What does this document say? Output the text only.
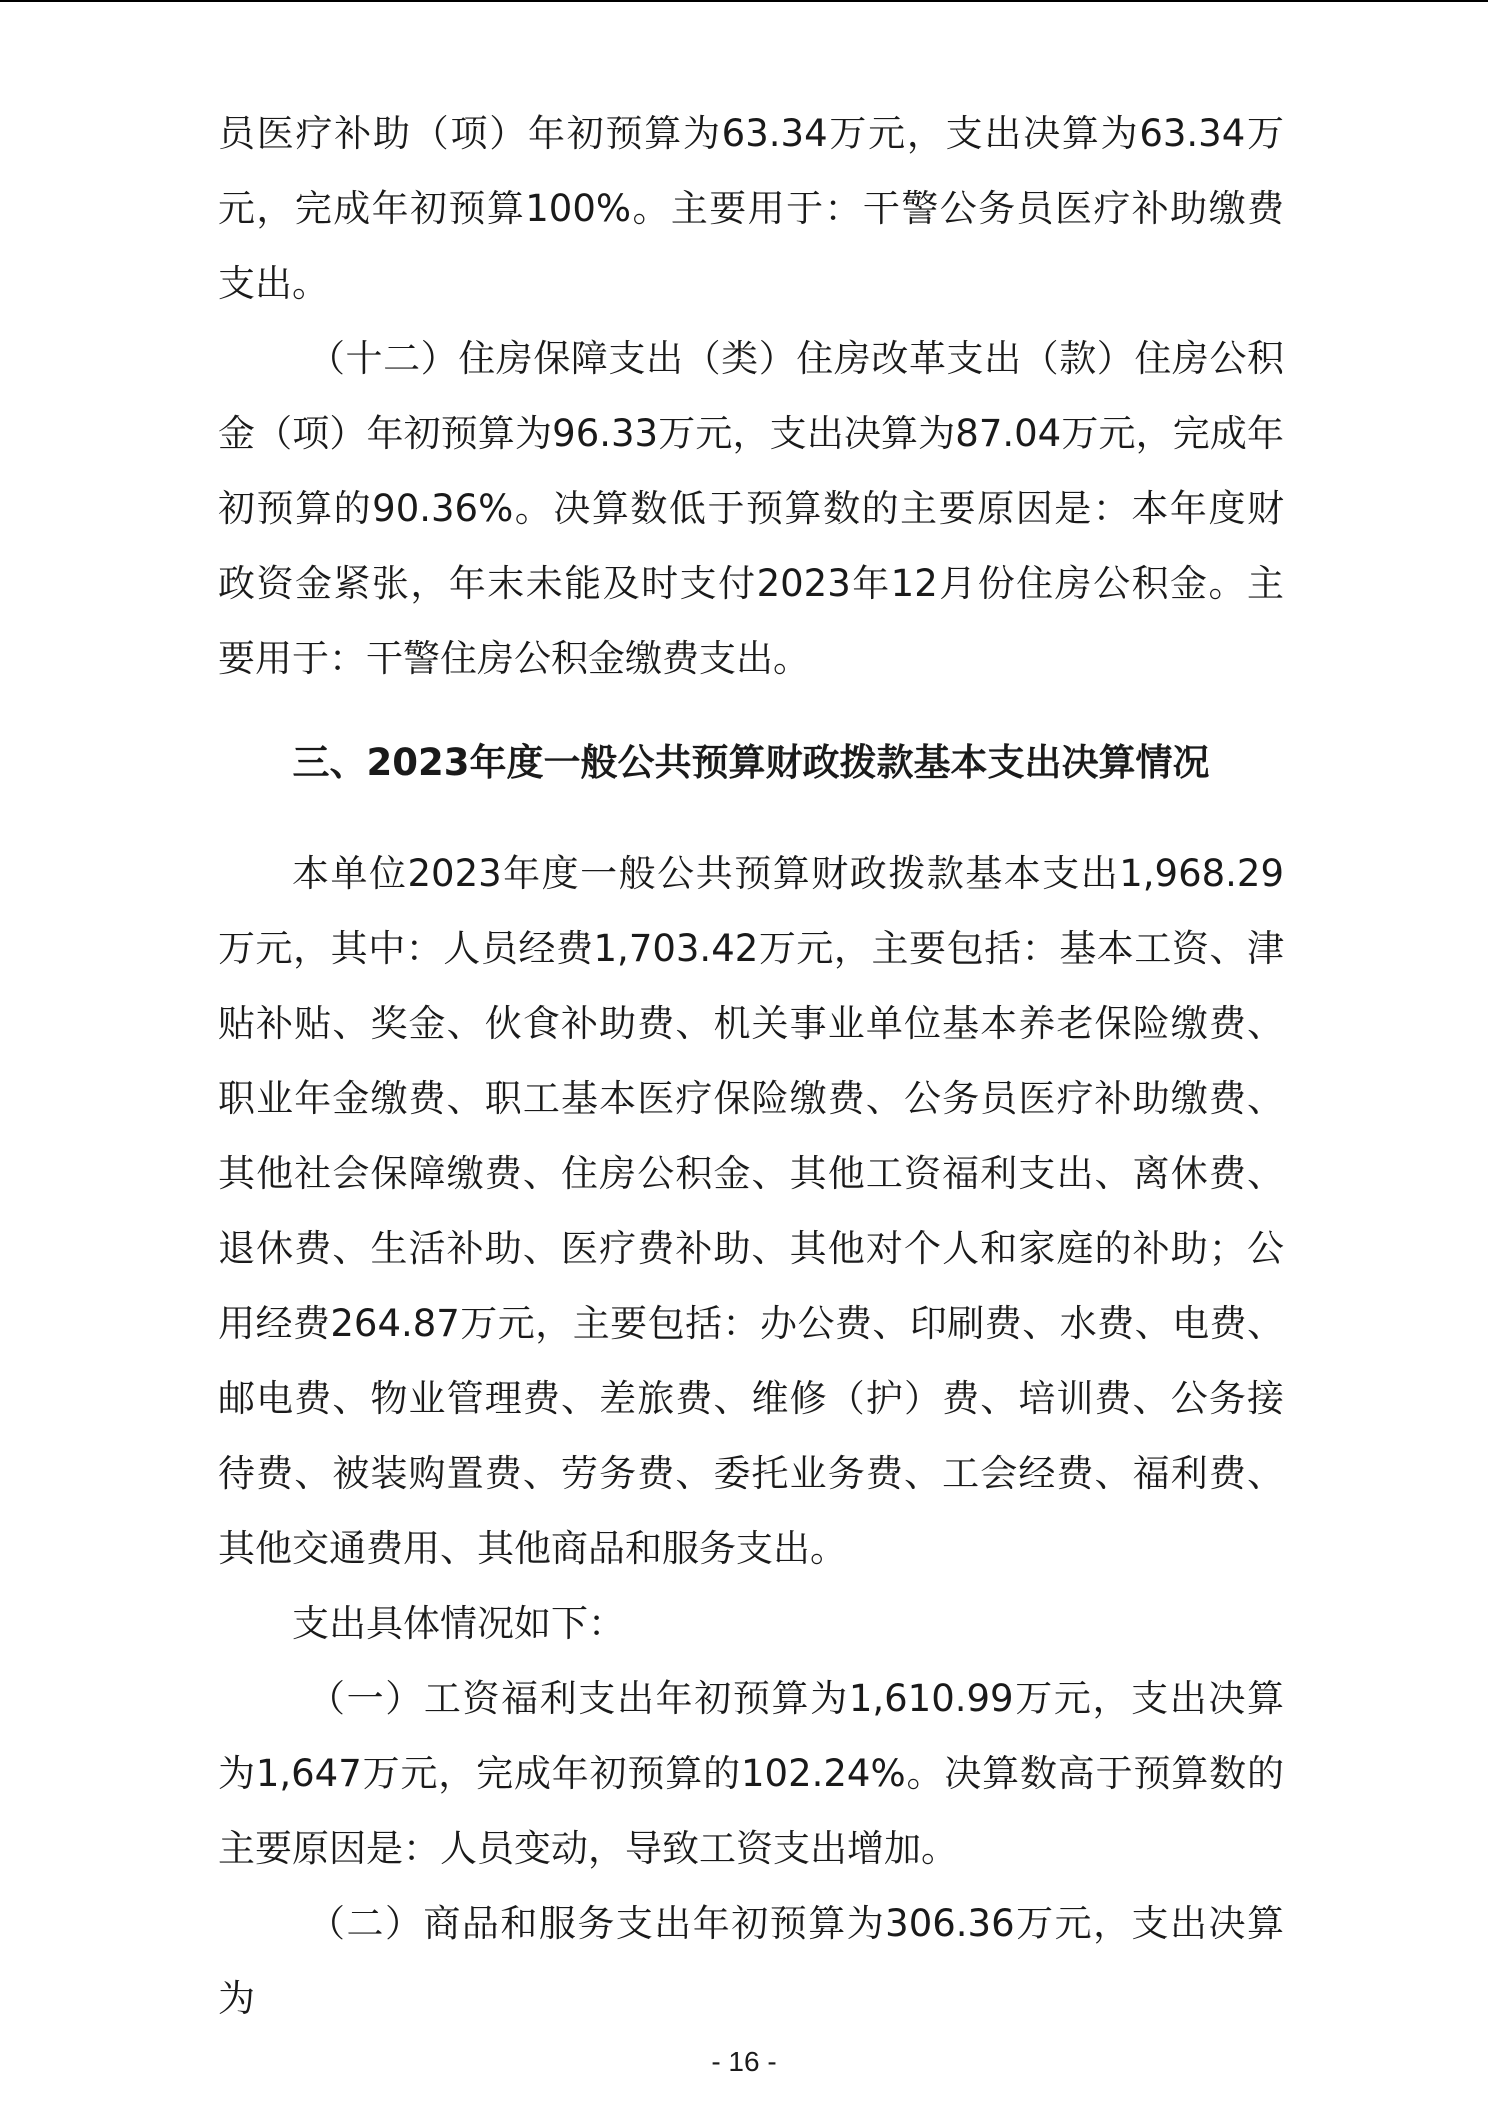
员医疗补助（项）年初预算为63.34万元，支出决算为63.34万元，完成年初预算100%。主要用于：干警公务员医疗补助缴费支出。

（十二）住房保障支出（类）住房改革支出（款）住房公积金（项）年初预算为96.33万元，支出决算为87.04万元，完成年初预算的90.36%。决算数低于预算数的主要原因是：本年度财政资金紧张，年末未能及时支付2023年12月份住房公积金。主要用于：干警住房公积金缴费支出。

三、2023年度一般公共预算财政拨款基本支出决算情况

本单位2023年度一般公共预算财政拨款基本支出1,968.29万元，其中：人员经费1,703.42万元，主要包括：基本工资、津贴补贴、奖金、伙食补助费、机关事业单位基本养老保险缴费、职业年金缴费、职工基本医疗保险缴费、公务员医疗补助缴费、其他社会保障缴费、住房公积金、其他工资福利支出、离休费、退休费、生活补助、医疗费补助、其他对个人和家庭的补助；公用经费264.87万元，主要包括：办公费、印刷费、水费、电费、邮电费、物业管理费、差旅费、维修（护）费、培训费、公务接待费、被装购置费、劳务费、委托业务费、工会经费、福利费、其他交通费用、其他商品和服务支出。

支出具体情况如下：

（一）工资福利支出年初预算为1,610.99万元，支出决算为1,647万元，完成年初预算的102.24%。决算数高于预算数的主要原因是：人员变动，导致工资支出增加。

（二）商品和服务支出年初预算为306.36万元，支出决算为

- 16 -
